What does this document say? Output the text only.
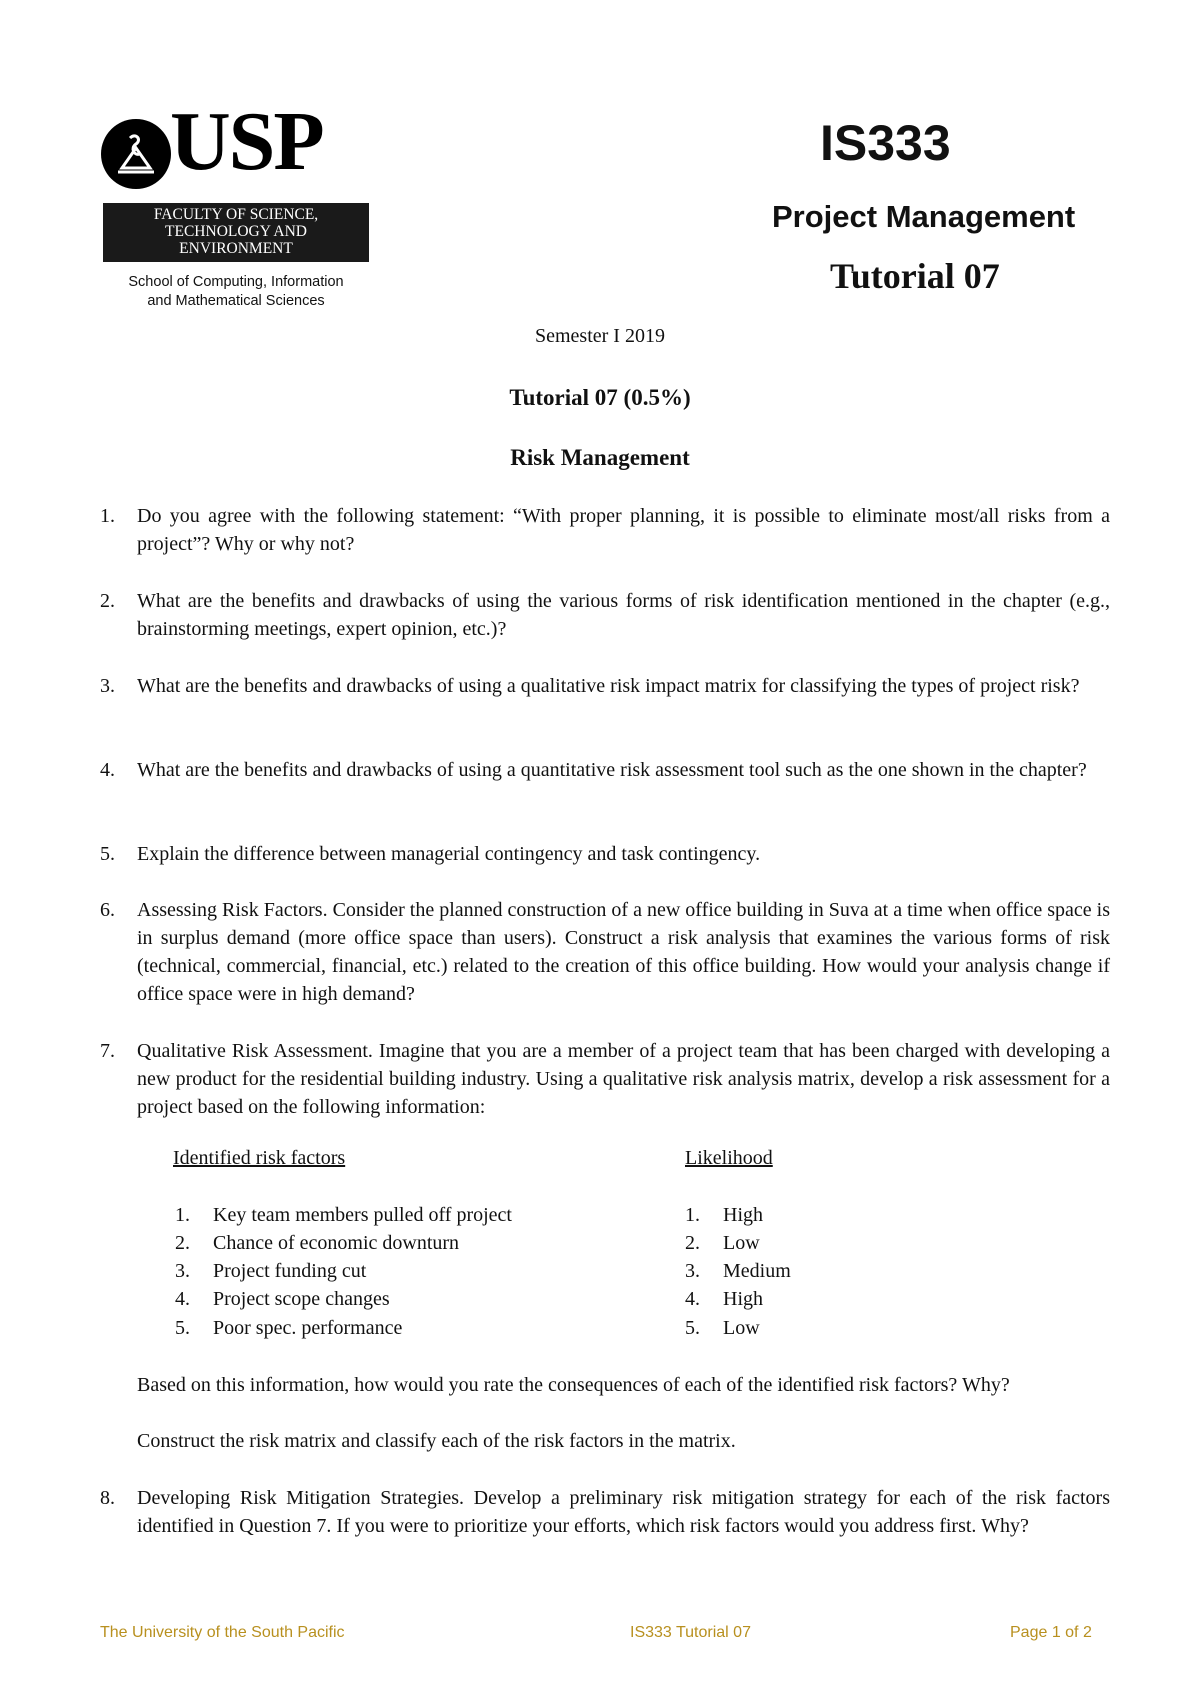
USP
FACULTY OF SCIENCE,
TECHNOLOGY AND
ENVIRONMENT
School of Computing, Information
and Mathematical Sciences
IS333
Project Management
Tutorial 07
Semester I 2019
Tutorial 07 (0.5%)
Risk Management
1.	Do you agree with the following statement: “With proper planning, it is possible to eliminate most/all risks from a project”? Why or why not?
2.	What are the benefits and drawbacks of using the various forms of risk identification mentioned in the chapter (e.g., brainstorming meetings, expert opinion, etc.)?
3.	What are the benefits and drawbacks of using a qualitative risk impact matrix for classifying the types of project risk?
4.	What are the benefits and drawbacks of using a quantitative risk assessment tool such as the one shown in the chapter?
5.	Explain the difference between managerial contingency and task contingency.
6.	Assessing Risk Factors. Consider the planned construction of a new office building in Suva at a time when office space is in surplus demand (more office space than users). Construct a risk analysis that examines the various forms of risk (technical, commercial, financial, etc.) related to the creation of this office building. How would your analysis change if office space were in high demand?
7.	Qualitative Risk Assessment. Imagine that you are a member of a project team that has been charged with developing a new product for the residential building industry. Using a qualitative risk analysis matrix, develop a risk assessment for a project based on the following information:
Identified risk factors	Likelihood
1. Key team members pulled off project	1. High
2. Chance of economic downturn	2. Low
3. Project funding cut	3. Medium
4. Project scope changes	4. High
5. Poor spec. performance	5. Low
Based on this information, how would you rate the consequences of each of the identified risk factors? Why?
Construct the risk matrix and classify each of the risk factors in the matrix.
8.	Developing Risk Mitigation Strategies. Develop a preliminary risk mitigation strategy for each of the risk factors identified in Question 7. If you were to prioritize your efforts, which risk factors would you address first. Why?
The University of the South Pacific	IS333 Tutorial 07	Page 1 of 2
